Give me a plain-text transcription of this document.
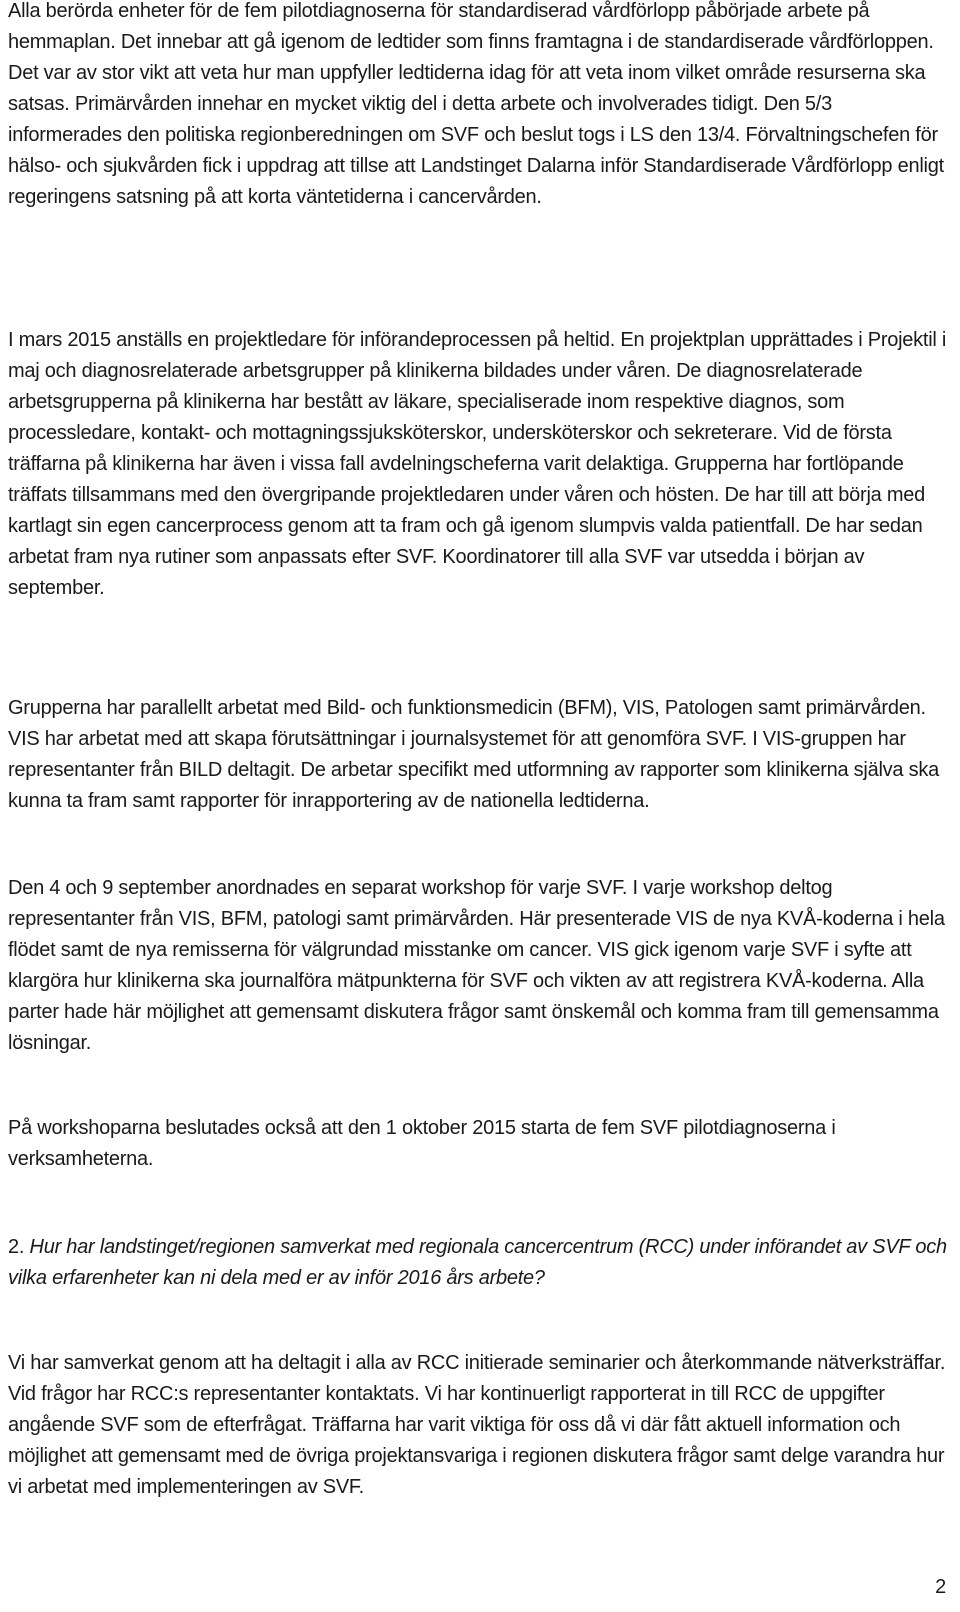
Alla berörda enheter för de fem pilotdiagnoserna för standardiserad vårdförlopp påbörjade arbete på hemmaplan. Det innebar att gå igenom de ledtider som finns framtagna i de standardiserade vårdförloppen. Det var av stor vikt att veta hur man uppfyller ledtiderna idag för att veta inom vilket område resurserna ska satsas. Primärvården innehar en mycket viktig del i detta arbete och involverades tidigt. Den 5/3 informerades den politiska regionberedningen om SVF och beslut togs i LS den 13/4. Förvaltningschefen för hälso- och sjukvården fick i uppdrag att tillse att Landstinget Dalarna inför Standardiserade Vårdförlopp enligt regeringens satsning på att korta väntetiderna i cancervården.

I mars 2015 anställs en projektledare för införandeprocessen på heltid. En projektplan upprättades i Projektil i maj och diagnosrelaterade arbetsgrupper på klinikerna bildades under våren. De diagnosrelaterade arbetsgrupperna på klinikerna har bestått av läkare, specialiserade inom respektive diagnos, som processledare, kontakt- och mottagningssjuksköterskor, undersköterskor och sekreterare. Vid de första träffarna på klinikerna har även i vissa fall avdelningscheferna varit delaktiga. Grupperna har fortlöpande träffats tillsammans med den övergripande projektledaren under våren och hösten. De har till att börja med kartlagt sin egen cancerprocess genom att ta fram och gå igenom slumpvis valda patientfall. De har sedan arbetat fram nya rutiner som anpassats efter SVF. Koordinatorer till alla SVF var utsedda i början av september.

Grupperna har parallellt arbetat med Bild- och funktionsmedicin (BFM), VIS, Patologen samt primärvården. VIS har arbetat med att skapa förutsättningar i journalsystemet för att genomföra SVF. I VIS-gruppen har representanter från BILD deltagit. De arbetar specifikt med utformning av rapporter som klinikerna själva ska kunna ta fram samt rapporter för inrapportering av de nationella ledtiderna.

Den 4 och 9 september anordnades en separat workshop för varje SVF. I varje workshop deltog representanter från VIS, BFM, patologi samt primärvården. Här presenterade VIS de nya KVÅ-koderna i hela flödet samt de nya remisserna för välgrundad misstanke om cancer. VIS gick igenom varje SVF i syfte att klargöra hur klinikerna ska journalföra mätpunkterna för SVF och vikten av att registrera KVÅ-koderna. Alla parter hade här möjlighet att gemensamt diskutera frågor samt önskemål och komma fram till gemensamma lösningar.

På workshoparna beslutades också att den 1 oktober 2015 starta de fem SVF pilotdiagnoserna i verksamheterna.

2. Hur har landstinget/regionen samverkat med regionala cancercentrum (RCC) under införandet av SVF och vilka erfarenheter kan ni dela med er av inför 2016 års arbete?

Vi har samverkat genom att ha deltagit i alla av RCC initierade seminarier och återkommande nätverksträffar. Vid frågor har RCC:s representanter kontaktats. Vi har kontinuerligt rapporterat in till RCC de uppgifter angående SVF som de efterfrågat. Träffarna har varit viktiga för oss då vi där fått aktuell information och möjlighet att gemensamt med de övriga projektansvariga i regionen diskutera frågor samt delge varandra hur vi arbetat med implementeringen av SVF.

2
